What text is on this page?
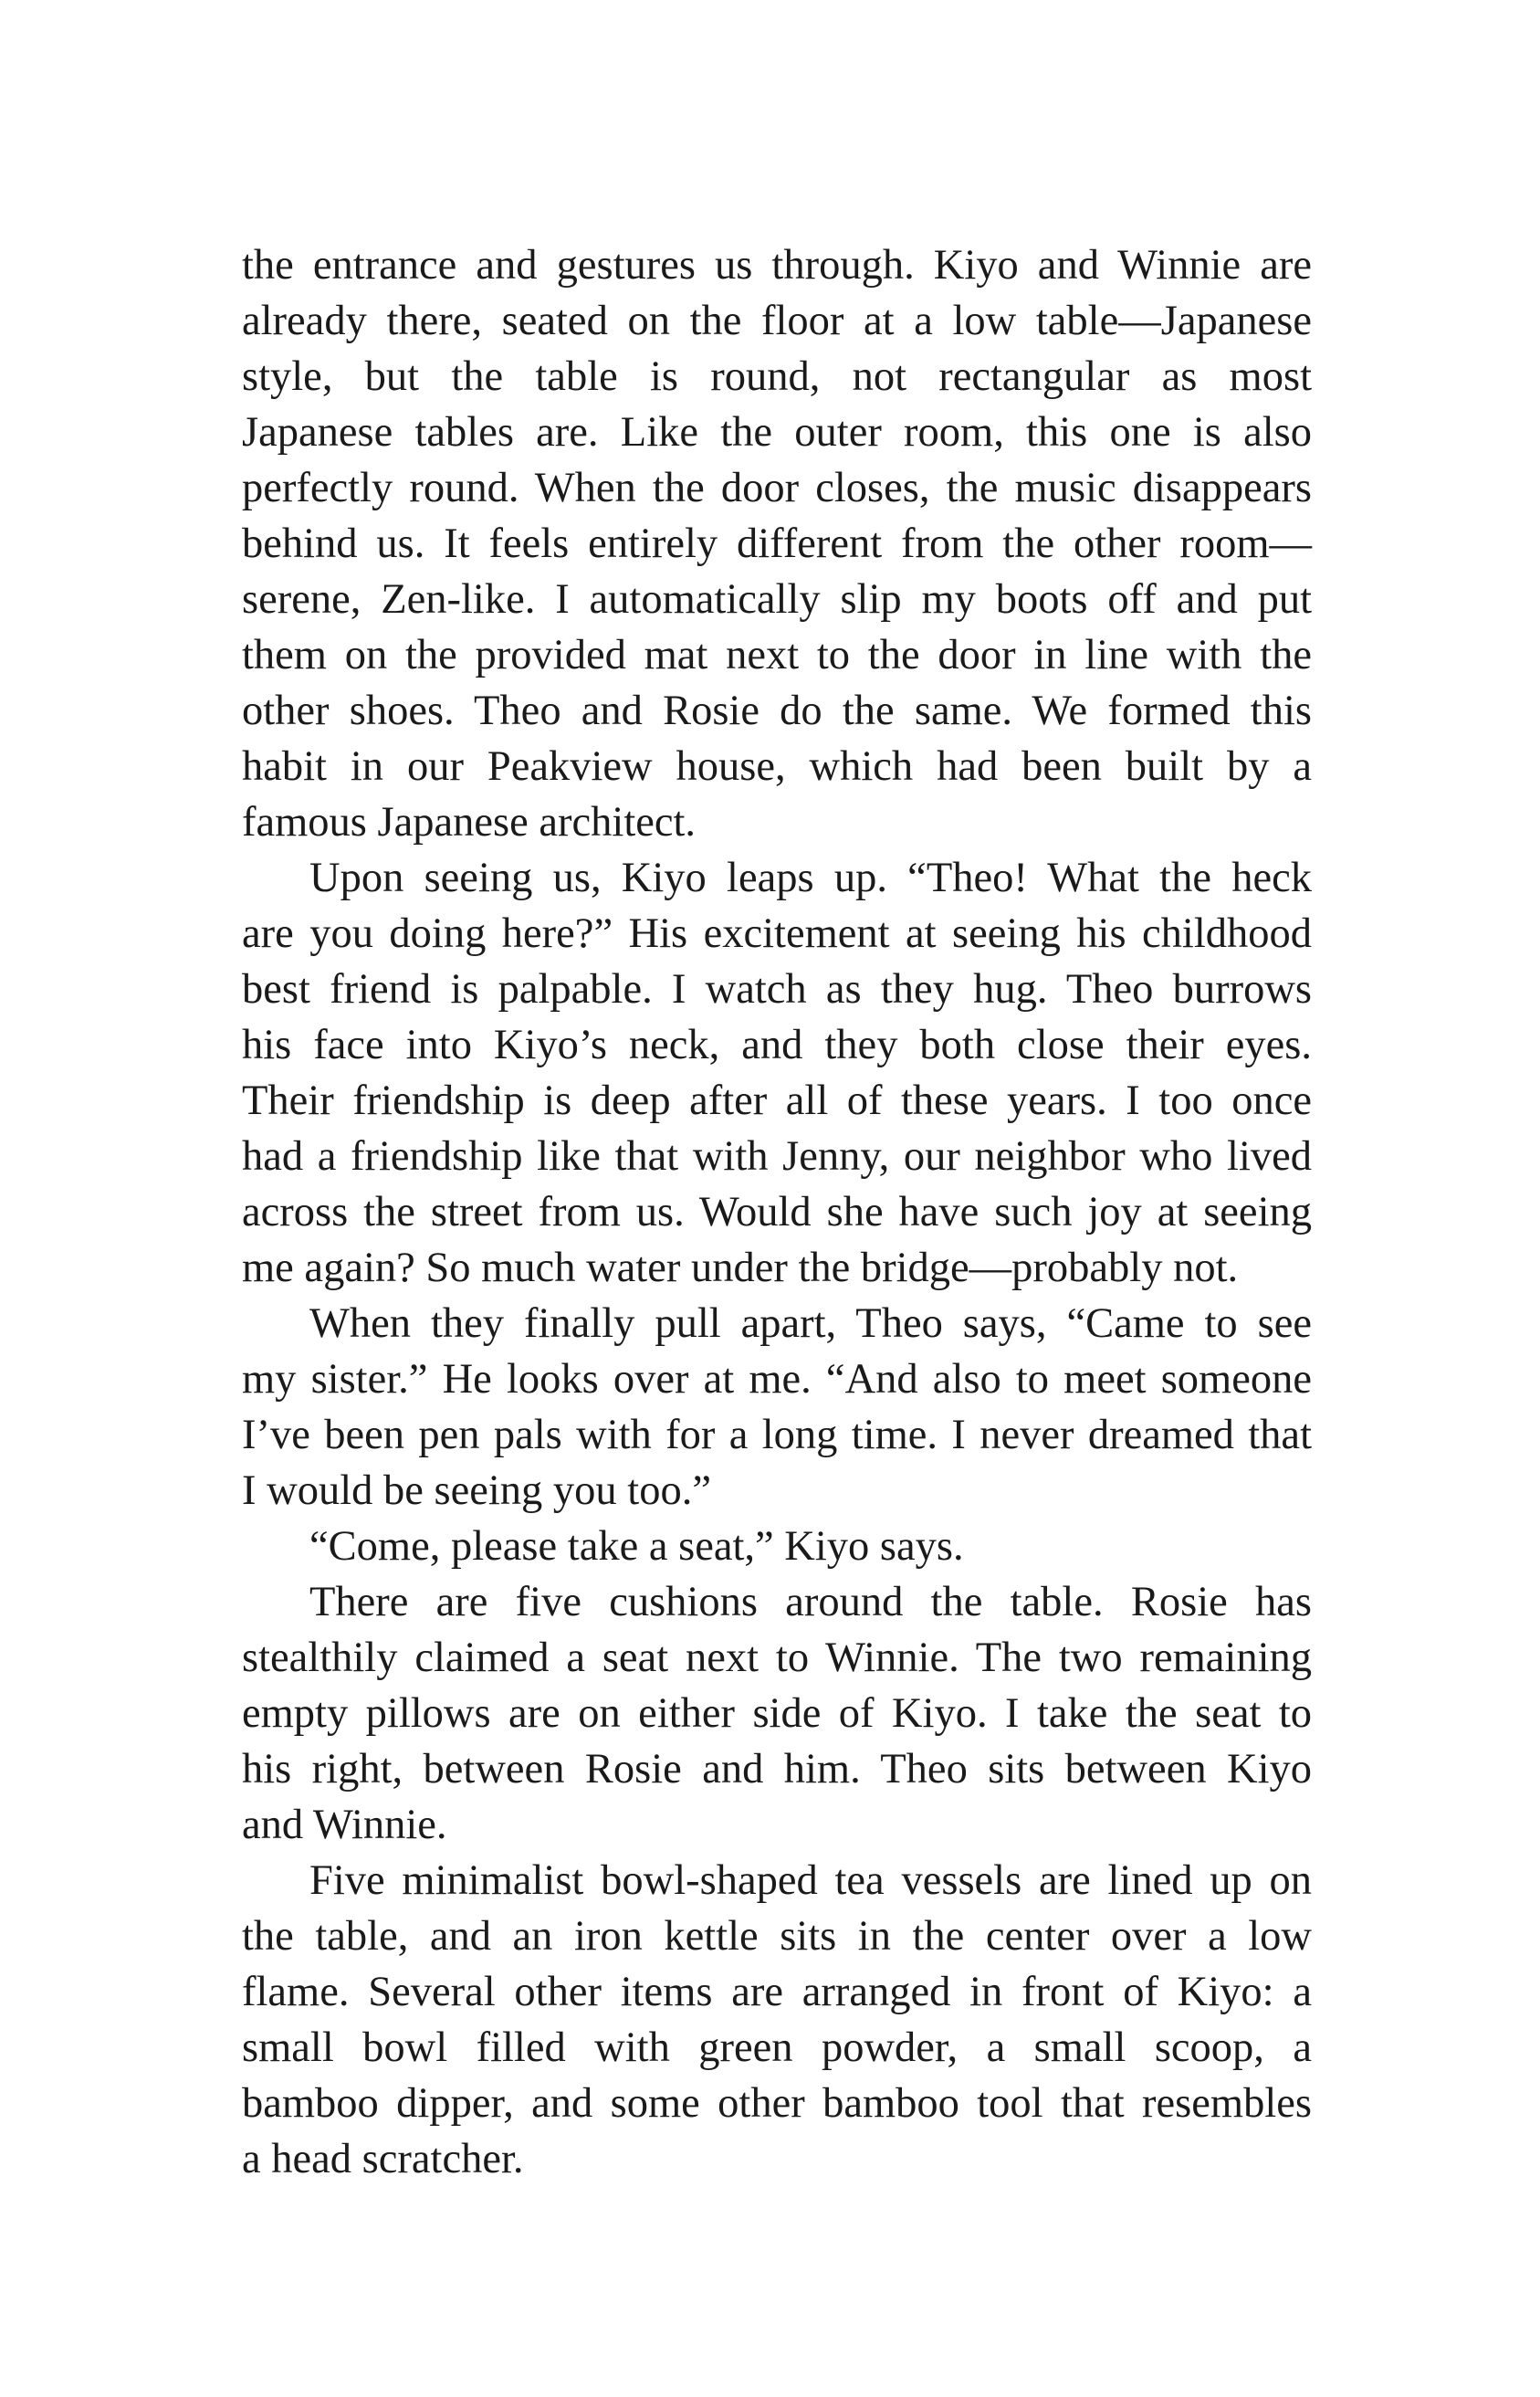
the entrance and gestures us through. Kiyo and Winnie are
already there, seated on the floor at a low table—Japanese
style, but the table is round, not rectangular as most
Japanese tables are. Like the outer room, this one is also
perfectly round. When the door closes, the music disappears
behind us. It feels entirely different from the other room—
serene, Zen-like. I automatically slip my boots off and put
them on the provided mat next to the door in line with the
other shoes. Theo and Rosie do the same. We formed this
habit in our Peakview house, which had been built by a
famous Japanese architect.
Upon seeing us, Kiyo leaps up. “Theo! What the heck
are you doing here?” His excitement at seeing his childhood
best friend is palpable. I watch as they hug. Theo burrows
his face into Kiyo’s neck, and they both close their eyes.
Their friendship is deep after all of these years. I too once
had a friendship like that with Jenny, our neighbor who lived
across the street from us. Would she have such joy at seeing
me again? So much water under the bridge—probably not.
When they finally pull apart, Theo says, “Came to see
my sister.” He looks over at me. “And also to meet someone
I’ve been pen pals with for a long time. I never dreamed that
I would be seeing you too.”
“Come, please take a seat,” Kiyo says.
There are five cushions around the table. Rosie has
stealthily claimed a seat next to Winnie. The two remaining
empty pillows are on either side of Kiyo. I take the seat to
his right, between Rosie and him. Theo sits between Kiyo
and Winnie.
Five minimalist bowl-shaped tea vessels are lined up on
the table, and an iron kettle sits in the center over a low
flame. Several other items are arranged in front of Kiyo: a
small bowl filled with green powder, a small scoop, a
bamboo dipper, and some other bamboo tool that resembles
a head scratcher.
